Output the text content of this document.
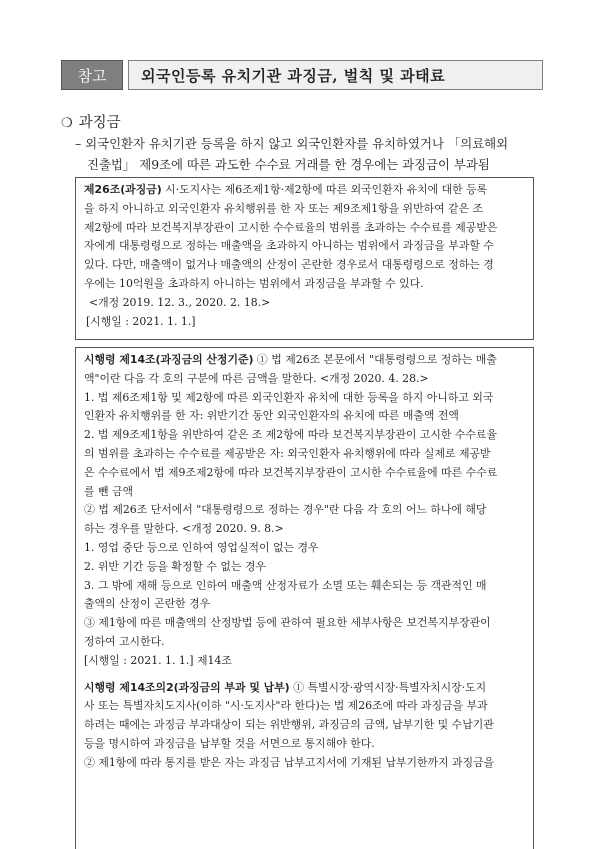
참고	외국인등록 유치기관 과징금, 벌칙 및 과태료
❍ 과징금
– 외국인환자 유치기관 등록을 하지 않고 외국인환자를 유치하였거나 「의료해외
진출법」 제9조에 따른 과도한 수수료 거래를 한 경우에는 과징금이 부과됨
제26조(과징금) 시·도지사는 제6조제1항·제2항에 따른 외국인환자 유치에 대한 등록
을 하지 아니하고 외국인환자 유치행위를 한 자 또는 제9조제1항을 위반하여 같은 조
제2항에 따라 보건복지부장관이 고시한 수수료율의 범위를 초과하는 수수료를 제공받은
자에게 대통령령으로 정하는 매출액을 초과하지 아니하는 범위에서 과징금을 부과할 수
있다. 다만, 매출액이 없거나 매출액의 산정이 곤란한 경우로서 대통령령으로 정하는 경
우에는 10억원을 초과하지 아니하는 범위에서 과징금을 부과할 수 있다.
<개정 2019. 12. 3., 2020. 2. 18.>
[시행일 : 2021. 1. 1.]
시행령 제14조(과징금의 산정기준) ① 법 제26조 본문에서 "대통령령으로 정하는 매출
액"이란 다음 각 호의 구분에 따른 금액을 말한다. <개정 2020. 4. 28.>
1. 법 제6조제1항 및 제2항에 따른 외국인환자 유치에 대한 등록을 하지 아니하고 외국
인환자 유치행위를 한 자: 위반기간 동안 외국인환자의 유치에 따른 매출액 전액
2. 법 제9조제1항을 위반하여 같은 조 제2항에 따라 보건복지부장관이 고시한 수수료율
의 범위를 초과하는 수수료를 제공받은 자: 외국인환자 유치행위에 따라 실제로 제공받
은 수수료에서 법 제9조제2항에 따라 보건복지부장관이 고시한 수수료율에 따른 수수료
를 뺀 금액
② 법 제26조 단서에서 "대통령령으로 정하는 경우"란 다음 각 호의 어느 하나에 해당
하는 경우를 말한다. <개정 2020. 9. 8.>
1. 영업 중단 등으로 인하여 영업실적이 없는 경우
2. 위반 기간 등을 확정할 수 없는 경우
3. 그 밖에 재해 등으로 인하여 매출액 산정자료가 소멸 또는 훼손되는 등 객관적인 매
출액의 산정이 곤란한 경우
③ 제1항에 따른 매출액의 산정방법 등에 관하여 필요한 세부사항은 보건복지부장관이
정하여 고시한다.
[시행일 : 2021. 1. 1.] 제14조
시행령 제14조의2(과징금의 부과 및 납부) ① 특별시장·광역시장·특별자치시장·도지
사 또는 특별자치도지사(이하 "시·도지사"라 한다)는 법 제26조에 따라 과징금을 부과
하려는 때에는 과징금 부과대상이 되는 위반행위, 과징금의 금액, 납부기한 및 수납기관
등을 명시하여 과징금을 납부할 것을 서면으로 통지해야 한다.
② 제1항에 따라 통지를 받은 자는 과징금 납부고지서에 기재된 납부기한까지 과징금을
